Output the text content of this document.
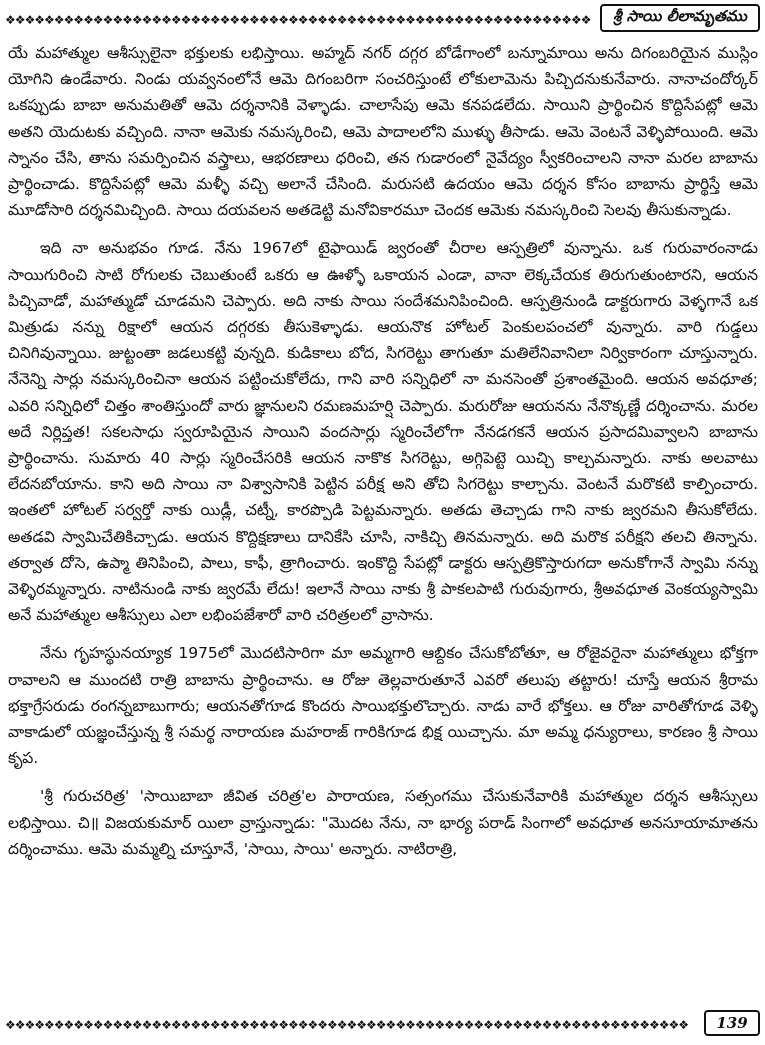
❖❖❖❖❖❖❖❖❖❖❖❖❖❖❖❖❖❖❖❖❖❖❖❖❖❖❖❖❖❖❖❖❖❖❖❖❖❖❖❖❖❖❖❖❖❖❖❖❖❖❖❖❖❖❖❖❖❖❖❖	శ్రీ సాయి లీలామృతము

యే మహాత్ముల ఆశీస్సులైనా భక్తులకు లభిస్తాయి. అహ్మద్ నగర్ దగ్గర బోడేగాంలో బన్నూమాయి అను దిగంబరియైన ముస్లిం యోగిని ఉండేవారు. నిండు యవ్వనంలోనే ఆమె దిగంబరిగా సంచరిస్తుంటే లోకులామెను పిచ్చిదనుకునేవారు. నానాచందోర్కర్ ఒకప్పుడు బాబా అనుమతితో ఆమె దర్శనానికి వెళ్ళాడు. చాలాసేపు ఆమె కనపడలేదు. సాయిని ప్రార్థించిన కొద్దిసేపట్లో ఆమె అతని యెదుటకు వచ్చింది. నానా ఆమెకు నమస్కరించి, ఆమె పాదాలలోని ముళ్ళు తీసాడు. ఆమె వెంటనే వెళ్ళిపోయింది. ఆమె స్నానం చేసి, తాను సమర్పించిన వస్త్రాలు, ఆభరణాలు ధరించి, తన గుడారంలో నైవేద్యం స్వీకరించాలని నానా మరల బాబాను ప్రార్థించాడు. కొద్దిసేపట్లో ఆమె మళ్ళీ వచ్చి అలానే చేసింది. మరుసటి ఉదయం ఆమె దర్శన కోసం బాబాను ప్రార్థిస్తే ఆమె మూడోసారి దర్శనమిచ్చింది. సాయి దయవలన అతడెట్టి మనోవికారమూ చెందక ఆమెకు నమస్కరించి సెలవు తీసుకున్నాడు.

ఇది నా అనుభవం గూడ. నేను 1967లో టైఫాయిడ్ జ్వరంతో చీరాల ఆస్పత్రిలో వున్నాను. ఒక గురువారంనాడు సాయిగురించి సాటి రోగులకు చెబుతుంటే ఒకరు ఆ ఊళ్ళో ఒకాయన ఎండా, వానా లెక్కచేయక తిరుగుతుంటారని, ఆయన పిచ్చివాడో, మహాత్ముడో చూడమని చెప్పారు. అది నాకు సాయి సందేశమనిపించింది. ఆస్పత్రినుండి డాక్టరుగారు వెళ్ళగానే ఒక మిత్రుడు నన్ను రిక్షాలో ఆయన దగ్గరకు తీసుకెళ్ళాడు. ఆయనొక హోటల్ పెంకులపంచలో వున్నారు. వారి గుడ్డలు చినిగివున్నాయి. జుట్టంతా జడలుకట్టి వున్నది. కుడికాలు బోద, సిగరెట్టు తాగుతూ మతిలేనివానిలా నిర్వికారంగా చూస్తున్నారు. నేనెన్ని సార్లు నమస్కరించినా ఆయన పట్టించుకోలేదు, గాని వారి సన్నిధిలో నా మనసెంతో ప్రశాంతమైంది. ఆయన అవధూత; ఎవరి సన్నిధిలో చిత్తం శాంతిస్తుందో వారు జ్ఞానులని రమణమహర్షి చెప్పారు. మరురోజు ఆయనను నేనొక్కణ్ణే దర్శించాను. మరల అదే నిర్లిప్తత! సకలసాధు స్వరూపియైన సాయిని వందసార్లు స్మరించేలోగా నేనడగకనే ఆయన ప్రసాదమివ్వాలని బాబాను ప్రార్థించాను. సుమారు 40 సార్లు స్మరించేసరికి ఆయన నాకొక సిగరెట్టు, అగ్గిపెట్టె యిచ్చి కాల్చమన్నారు. నాకు అలవాటు లేదనబోయాను. కాని అది సాయి నా విశ్వాసానికి పెట్టిన పరీక్ష అని తోచి సిగరెట్టు కాల్చాను. వెంటనే మరొకటి కాల్పించారు. ఇంతలో హోటల్ సర్వర్తో నాకు యిడ్లీ, చట్నీ, కారప్పొడి పెట్టమన్నారు. అతడు తెచ్చాడు గాని నాకు జ్వరమని తీసుకోలేదు. అతడవి స్వామిచేతికిచ్చాడు. ఆయన కొద్దిక్షణాలు దానికేసి చూసి, నాకిచ్చి తినమన్నారు. అది మరొక పరీక్షని తలచి తిన్నాను. తర్వాత దోసె, ఉప్మా తినిపించి, పాలు, కాఫీ, త్రాగించారు. ఇంకొద్ది సేపట్లో డాక్టరు ఆస్పత్రికొస్తారుగదా అనుకోగానే స్వామి నన్ను వెళ్ళిరమ్మన్నారు. నాటినుండి నాకు జ్వరమే లేదు! ఇలానే సాయి నాకు శ్రీ పాకలపాటి గురువుగారు, శ్రీఅవధూత వెంకయ్యస్వామి అనే మహాత్ముల ఆశీస్సులు ఎలా లభింపజేశారో వారి చరిత్రలలో వ్రాసాను.

నేను గృహస్థునయ్యాక 1975లో మొదటిసారిగా మా అమ్మగారి ఆబ్దికం చేసుకోబోతూ, ఆ రోజైవరైనా మహాత్ములు భోక్తగా రావాలని ఆ ముందటి రాత్రి బాబాను ప్రార్థించాను. ఆ రోజు తెల్లవారుతూనే ఎవరో తలుపు తట్టారు! చూస్తే ఆయన శ్రీరామ భక్తాగ్రేసరుడు రంగన్నబాబుగారు; ఆయనతోగూడ కొందరు సాయిభక్తులొచ్చారు. నాడు వారే భోక్తలు. ఆ రోజు వారితోగూడ వెళ్ళి వాకాడులో యజ్ఞంచేస్తున్న శ్రీ సమర్థ నారాయణ మహరాజ్ గారికిగూడ భిక్ష యిచ్చాను. మా అమ్మ ధన్యురాలు, కారణం శ్రీ సాయి కృప.

'శ్రీ గురుచరిత్ర' 'సాయిబాబా జీవిత చరిత్ర'ల పారాయణ, సత్సంగము చేసుకునేవారికి మహాత్ముల దర్శన ఆశీస్సులు లభిస్తాయి. చి॥ విజయకుమార్ యిలా వ్రాస్తున్నాడు: "మొదట నేను, నా భార్య పరాడ్ సింగాలో అవధూత అనసూయామాతను దర్శించాము. ఆమె మమ్మల్ని చూస్తూనే, 'సాయి, సాయి' అన్నారు. నాటిరాత్రి,

❖❖❖❖❖❖❖❖❖❖❖❖❖❖❖❖❖❖❖❖❖❖❖❖❖❖❖❖❖❖❖❖❖❖❖❖❖❖❖❖❖❖❖❖❖❖❖❖❖❖❖❖❖❖❖❖❖❖❖❖❖❖❖❖❖❖❖❖❖❖	139
